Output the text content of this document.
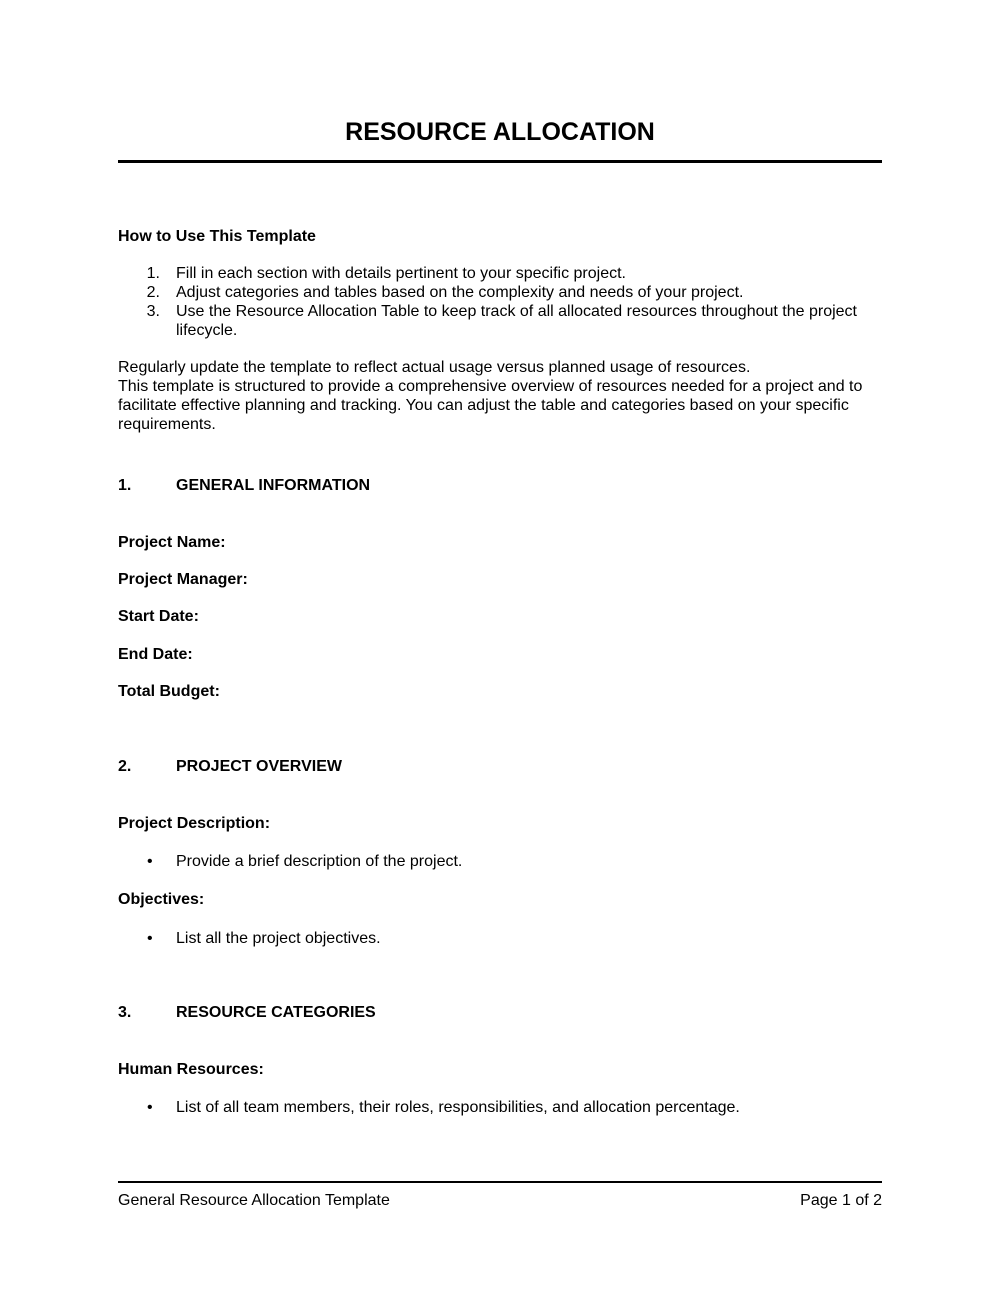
RESOURCE ALLOCATION
How to Use This Template
1. Fill in each section with details pertinent to your specific project.
2. Adjust categories and tables based on the complexity and needs of your project.
3. Use the Resource Allocation Table to keep track of all allocated resources throughout the project lifecycle.

Regularly update the template to reflect actual usage versus planned usage of resources.

This template is structured to provide a comprehensive overview of resources needed for a project and to facilitate effective planning and tracking. You can adjust the table and categories based on your specific requirements.

1.	GENERAL INFORMATION
Project Name:
Project Manager:
Start Date:
End Date:
Total Budget:
2.	PROJECT OVERVIEW
Project Description:
• Provide a brief description of the project.
Objectives:
• List all the project objectives.
3.	RESOURCE CATEGORIES
Human Resources:
• List of all team members, their roles, responsibilities, and allocation percentage.
General Resource Allocation Template	Page 1 of 2
